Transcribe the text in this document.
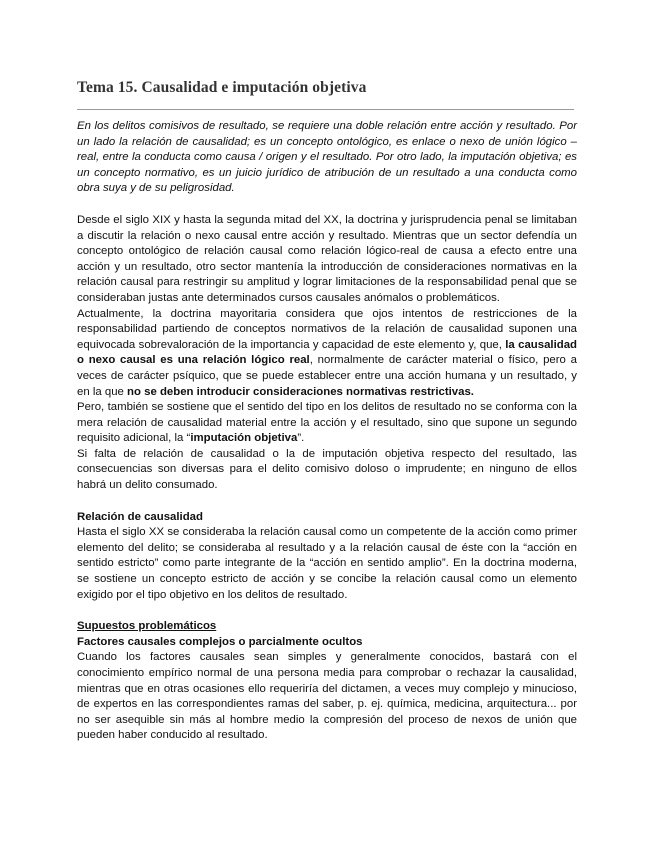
Tema 15. Causalidad e imputación objetiva

En los delitos comisivos de resultado, se requiere una doble relación entre acción y resultado. Por un lado la relación de causalidad; es un concepto ontológico, es enlace o nexo de unión lógico – real, entre la conducta como causa / origen y el resultado. Por otro lado, la imputación objetiva; es un concepto normativo, es un juicio jurídico de atribución de un resultado a una conducta como obra suya y de su peligrosidad.

Desde el siglo XIX y hasta la segunda mitad del XX, la doctrina y jurisprudencia penal se limitaban a discutir la relación o nexo causal entre acción y resultado. Mientras que un sector defendía un concepto ontológico de relación causal como relación lógico-real de causa a efecto entre una acción y un resultado, otro sector mantenía la introducción de consideraciones normativas en la relación causal para restringir su amplitud y lograr limitaciones de la responsabilidad penal que se consideraban justas ante determinados cursos causales anómalos o problemáticos.

Actualmente, la doctrina mayoritaria considera que ojos intentos de restricciones de la responsabilidad partiendo de conceptos normativos de la relación de causalidad suponen una equivocada sobrevaloración de la importancia y capacidad de este elemento y, que, la causalidad o nexo causal es una relación lógico real, normalmente de carácter material o físico, pero a veces de carácter psíquico, que se puede establecer entre una acción humana y un resultado, y en la que no se deben introducir consideraciones normativas restrictivas.

Pero, también se sostiene que el sentido del tipo en los delitos de resultado no se conforma con la mera relación de causalidad material entre la acción y el resultado, sino que supone un segundo requisito adicional, la “imputación objetiva”.

Si falta de relación de causalidad o la de imputación objetiva respecto del resultado, las consecuencias son diversas para el delito comisivo doloso o imprudente; en ninguno de ellos habrá un delito consumado.

Relación de causalidad

Hasta el siglo XX se consideraba la relación causal como un competente de la acción como primer elemento del delito; se consideraba al resultado y a la relación causal de éste con la “acción en sentido estricto” como parte integrante de la “acción en sentido amplio”. En la doctrina moderna, se sostiene un concepto estricto de acción y se concibe la relación causal como un elemento exigido por el tipo objetivo en los delitos de resultado.

Supuestos problemáticos
Factores causales complejos o parcialmente ocultos

Cuando los factores causales sean simples y generalmente conocidos, bastará con el conocimiento empírico normal de una persona media para comprobar o rechazar la causalidad, mientras que en otras ocasiones ello requeriría del dictamen, a veces muy complejo y minucioso, de expertos en las correspondientes ramas del saber, p. ej. química, medicina, arquitectura... por no ser asequible sin más al hombre medio la compresión del proceso de nexos de unión que pueden haber conducido al resultado.
